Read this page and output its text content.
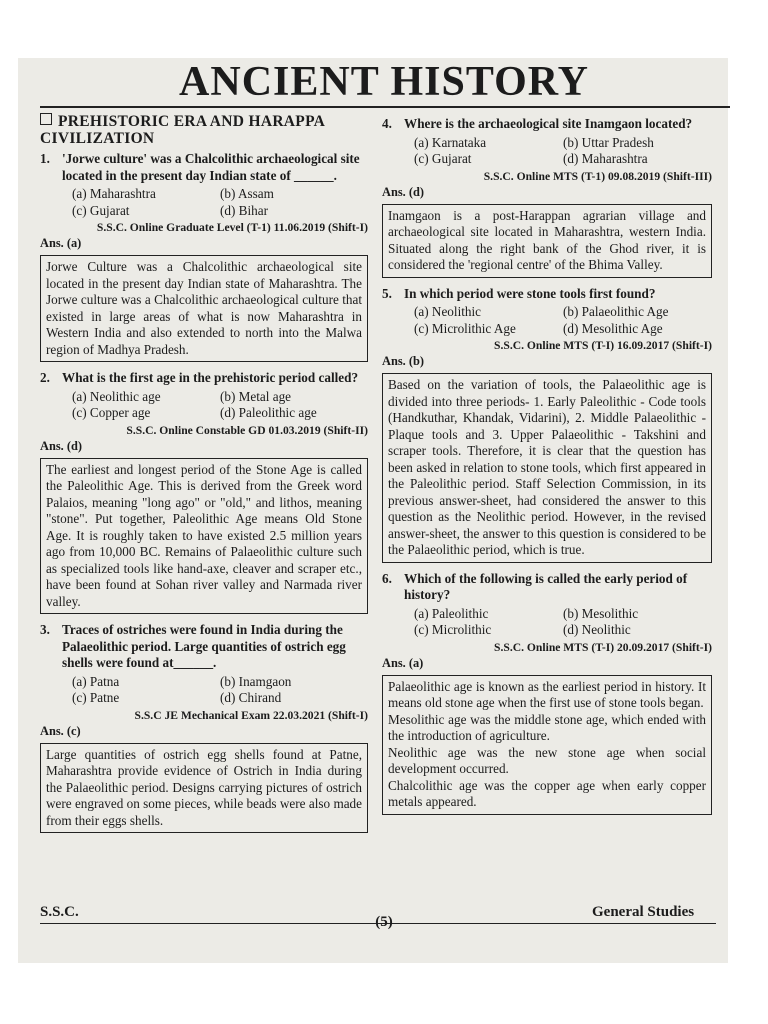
ANCIENT HISTORY
PREHISTORIC ERA AND HARAPPA CIVILIZATION
1. 'Jorwe culture' was a Chalcolithic archaeological site located in the present day Indian state of ______.
(a) Maharashtra	(b) Assam
(c) Gujarat	(d) Bihar
S.S.C. Online Graduate Level (T-1) 11.06.2019 (Shift-I)
Ans. (a)

Jorwe Culture was a Chalcolithic archaeological site located in the present day Indian state of Maharashtra. The Jorwe culture was a Chalcolithic archaeological culture that existed in large areas of what is now Maharashtra in Western India and also extended to north into the Malwa region of Madhya Pradesh.

2. What is the first age in the prehistoric period called?
(a) Neolithic age	(b) Metal age
(c) Copper age	(d) Paleolithic age
S.S.C. Online Constable GD 01.03.2019 (Shift-II)
Ans. (d)

The earliest and longest period of the Stone Age is called the Paleolithic Age. This is derived from the Greek word Palaios, meaning "long ago" or "old," and lithos, meaning "stone". Put together, Paleolithic Age means Old Stone Age. It is roughly taken to have existed 2.5 million years ago from 10,000 BC. Remains of Palaeolithic culture such as specialized tools like hand-axe, cleaver and scraper etc., have been found at Sohan river valley and Narmada river valley.

3. Traces of ostriches were found in India during the Palaeolithic period. Large quantities of ostrich egg shells were found at______.
(a) Patna	(b) Inamgaon
(c) Patne	(d) Chirand
S.S.C JE Mechanical Exam 22.03.2021 (Shift-I)
Ans. (c)

Large quantities of ostrich egg shells found at Patne, Maharashtra provide evidence of Ostrich in India during the Palaeolithic period. Designs carrying pictures of ostrich were engraved on some pieces, while beads were also made from their eggs shells.

4. Where is the archaeological site Inamgaon located?
(a) Karnataka	(b) Uttar Pradesh
(c) Gujarat	(d) Maharashtra
S.S.C. Online MTS (T-1) 09.08.2019 (Shift-III)
Ans. (d)

Inamgaon is a post-Harappan agrarian village and archaeological site located in Maharashtra, western India. Situated along the right bank of the Ghod river, it is considered the 'regional centre' of the Bhima Valley.

5. In which period were stone tools first found?
(a) Neolithic	(b) Palaeolithic Age
(c) Microlithic Age	(d) Mesolithic Age
S.S.C. Online MTS (T-I) 16.09.2017 (Shift-I)
Ans. (b)

Based on the variation of tools, the Palaeolithic age is divided into three periods- 1. Early Paleolithic - Code tools (Handkuthar, Khandak, Vidarini), 2. Middle Palaeolithic - Plaque tools and 3. Upper Palaeolithic - Takshini and scraper tools. Therefore, it is clear that the question has been asked in relation to stone tools, which first appeared in the Paleolithic period. Staff Selection Commission, in its previous answer-sheet, had considered the answer to this question as the Neolithic period. However, in the revised answer-sheet, the answer to this question is considered to be the Palaeolithic period, which is true.

6. Which of the following is called the early period of history?
(a) Paleolithic	(b) Mesolithic
(c) Microlithic	(d) Neolithic
S.S.C. Online MTS (T-I) 20.09.2017 (Shift-I)
Ans. (a)

Palaeolithic age is known as the earliest period in history. It means old stone age when the first use of stone tools began.

Mesolithic age was the middle stone age, which ended with the introduction of agriculture.

Neolithic age was the new stone age when social development occurred.

Chalcolithic age was the copper age when early copper metals appeared.

S.S.C.
(5)
General Studies
